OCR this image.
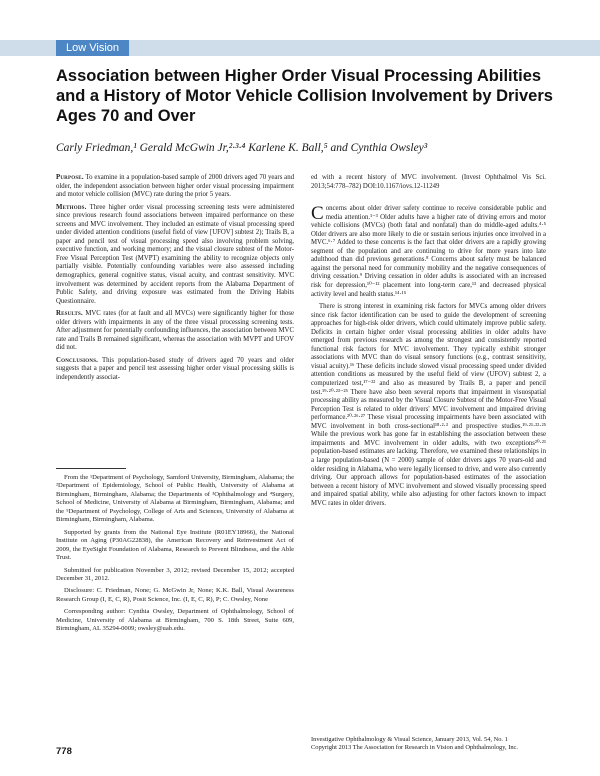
Low Vision
Association between Higher Order Visual Processing Abilities and a History of Motor Vehicle Collision Involvement by Drivers Ages 70 and Over
Carly Friedman,¹ Gerald McGwin Jr,²·³·⁴ Karlene K. Ball,⁵ and Cynthia Owsley³

Purpose. To examine in a population-based sample of 2000 drivers aged 70 years and older, the independent association between higher order visual processing impairment and motor vehicle collision (MVC) rate during the prior 5 years.

Methods. Three higher order visual processing screening tests were administered since previous research found associations between impaired performance on these screens and MVC involvement. They included an estimate of visual processing speed under divided attention conditions (useful field of view [UFOV] subtest 2); Trails B, a paper and pencil test of visual processing speed also involving problem solving, executive function, and working memory; and the visual closure subtest of the Motor-Free Visual Perception Test (MVPT) examining the ability to recognize objects only partially visible. Potentially confounding variables were also assessed including demographics, general cognitive status, visual acuity, and contrast sensitivity. MVC involvement was determined by accident reports from the Alabama Department of Public Safety, and driving exposure was estimated from the Driving Habits Questionnaire.

Results. MVC rates (for at fault and all MVCs) were significantly higher for those older drivers with impairments in any of the three visual processing screening tests. After adjustment for potentially confounding influences, the association between MVC rate and Trails B remained significant, whereas the association with MVPT and UFOV did not.

Conclusions. This population-based study of drivers aged 70 years and older suggests that a paper and pencil test assessing higher order visual processing skills is independently associat-

From the ¹Department of Psychology, Samford University, Birmingham, Alabama; the ²Department of Epidemiology, School of Public Health, University of Alabama at Birmingham, Birmingham, Alabama; the Departments of ³Ophthalmology and ⁴Surgery, School of Medicine, University of Alabama at Birmingham, Birmingham, Alabama; and the ⁵Department of Psychology, College of Arts and Sciences, University of Alabama at Birmingham, Birmingham, Alabama.

Supported by grants from the National Eye Institute (R01EY18966), the National Institute on Aging (P30AG22838), the American Recovery and Reinvestment Act of 2009, the EyeSight Foundation of Alabama, Research to Prevent Blindness, and the Able Trust.

Submitted for publication November 3, 2012; revised December 15, 2012; accepted December 31, 2012.

Disclosure: C. Friedman, None; G. McGwin Jr, None; K.K. Ball, Visual Awareness Research Group (I, E, C, R), Posit Science, Inc. (I, E, C, R), P; C. Owsley, None

Corresponding author: Cynthia Owsley, Department of Ophthalmology, School of Medicine, University of Alabama at Birmingham, 700 S. 18th Street, Suite 609, Birmingham, AL 35294-0009; owsley@uab.edu.

ed with a recent history of MVC involvement. (Invest Ophthalmol Vis Sci. 2013;54:778–782) DOI:10.1167/iovs.12-11249

Concerns about older driver safety continue to receive considerable public and media attention.¹⁻³ Older adults have a higher rate of driving errors and motor vehicle collisions (MVCs) (both fatal and nonfatal) than do middle-aged adults.⁴·⁵ Older drivers are also more likely to die or sustain serious injuries once involved in a MVC.⁶·⁷ Added to these concerns is the fact that older drivers are a rapidly growing segment of the population and are continuing to drive for more years into late adulthood than did previous generations.⁸ Concerns about safety must be balanced against the personal need for community mobility and the negative consequences of driving cessation.⁹ Driving cessation in older adults is associated with an increased risk for depression,¹⁰⁻¹² placement into long-term care,¹³ and decreased physical activity level and health status.¹⁴·¹⁵

There is strong interest in examining risk factors for MVCs among older drivers since risk factor identification can be used to guide the development of screening approaches for high-risk older drivers, which could ultimately improve public safety. Deficits in certain higher order visual processing abilities in older adults have emerged from previous research as among the strongest and consistently reported functional risk factors for MVC involvement. They typically exhibit stronger associations with MVC than do visual sensory functions (e.g., contrast sensitivity, visual acuity).¹⁶ These deficits include slowed visual processing speed under divided attention conditions as measured by the useful field of view (UFOV) subtest 2, a computerized test,¹⁷⁻²² and also as measured by Trails B, a paper and pencil test.¹⁹·²⁰·²³⁻²⁵ There have also been several reports that impairment in visuospatial processing ability as measured by the Visual Closure Subtest of the Motor-Free Visual Perception Test is related to older drivers' MVC involvement and impaired driving performance.²⁰·²⁶·²⁷ These visual processing impairments have been associated with MVC involvement in both cross-sectional¹⁸·²·³ and prospective studies.¹⁹·²¹·²²·²⁵ While the previous work has gone far in establishing the association between these impairments and MVC involvement in older adults, with two exceptions²⁰·²¹ population-based estimates are lacking. Therefore, we examined these relationships in a large population-based (N = 2000) sample of older drivers ages 70 years-old and older residing in Alabama, who were legally licensed to drive, and were also currently driving. Our approach allows for population-based estimates of the association between a recent history of MVC involvement and slowed visually processing speed and impaired spatial ability, while also adjusting for other factors known to impact MVC rates in older drivers.

778
Investigative Ophthalmology & Visual Science, January 2013, Vol. 54, No. 1
Copyright 2013 The Association for Research in Vision and Ophthalmology, Inc.
